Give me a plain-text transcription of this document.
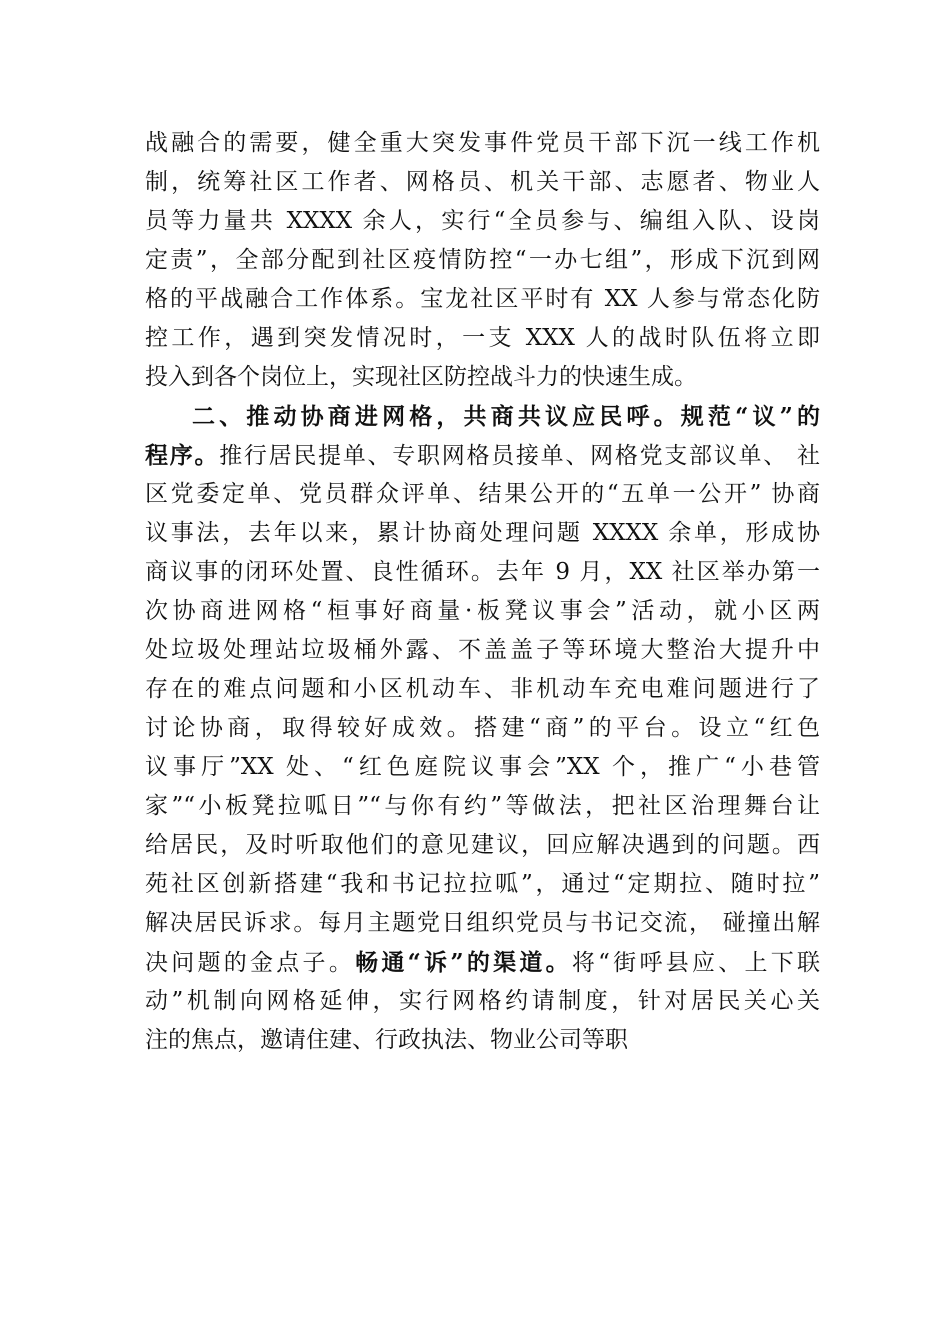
战融合的需要，健全重大突发事件党员干部下沉一线工作机
制，统筹社区工作者、网格员、机关干部、志愿者、物业人
员等力量共 XXXX 余人，实行“全员参与、编组入队、设岗
定责”，全部分配到社区疫情防控“一办七组”，形成下沉到网
格的平战融合工作体系。宝龙社区平时有 XX 人参与常态化防
控工作，遇到突发情况时，一支 XXX 人的战时队伍将立即
投入到各个岗位上，实现社区防控战斗力的快速生成。
二、推动协商进网格，共商共议应民呼。规范“议”的
程序。推行居民提单、专职网格员接单、网格党支部议单、 社
区党委定单、党员群众评单、结果公开的“五单一公开” 协商
议事法，去年以来，累计协商处理问题 XXXX 余单，形成协
商议事的闭环处置、良性循环。去年 9 月，XX 社区举办第一
次协商进网格“桓事好商量·板凳议事会”活动，就小区两
处垃圾处理站垃圾桶外露、不盖盖子等环境大整治大提升中
存在的难点问题和小区机动车、非机动车充电难问题进行了
讨论协商，取得较好成效。搭建“商”的平台。设立“红色
议事厅”XX 处、“红色庭院议事会”XX 个，推广“小巷管
家”“小板凳拉呱日”“与你有约”等做法，把社区治理舞台让
给居民，及时听取他们的意见建议，回应解决遇到的问题。西
苑社区创新搭建“我和书记拉拉呱”，通过“定期拉、随时拉”
解决居民诉求。每月主题党日组织党员与书记交流， 碰撞出解
决问题的金点子。畅通“诉”的渠道。将“街呼县应、上下联
动”机制向网格延伸，实行网格约请制度，针对居民关心关
注的焦点，邀请住建、行政执法、物业公司等职
